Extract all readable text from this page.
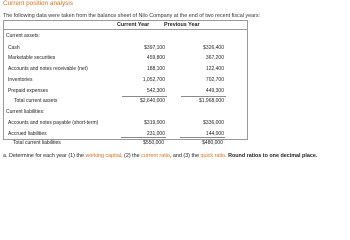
Current position analysis
The following data were taken from the balance sheet of Nilo Company at the end of two recent fiscal years:
Current Year	Previous Year
Current assets:
Cash	$397,100	$326,400
Marketable securities	459,800	367,200
Accounts and notes receivable (net)	188,100	122,400
Inventories	1,052,700	702,700
Prepaid expenses	542,300	449,300
Total current assets	$2,640,000	$1,968,000
Current liabilities:
Accounts and notes payable (short-term)	$319,000	$336,000
Accrued liabilities	231,000	144,000
Total current liabilities	$550,000	$480,000
a. Determine for each year (1) the working capital, (2) the current ratio, and (3) the quick ratio. Round ratios to one decimal place.
